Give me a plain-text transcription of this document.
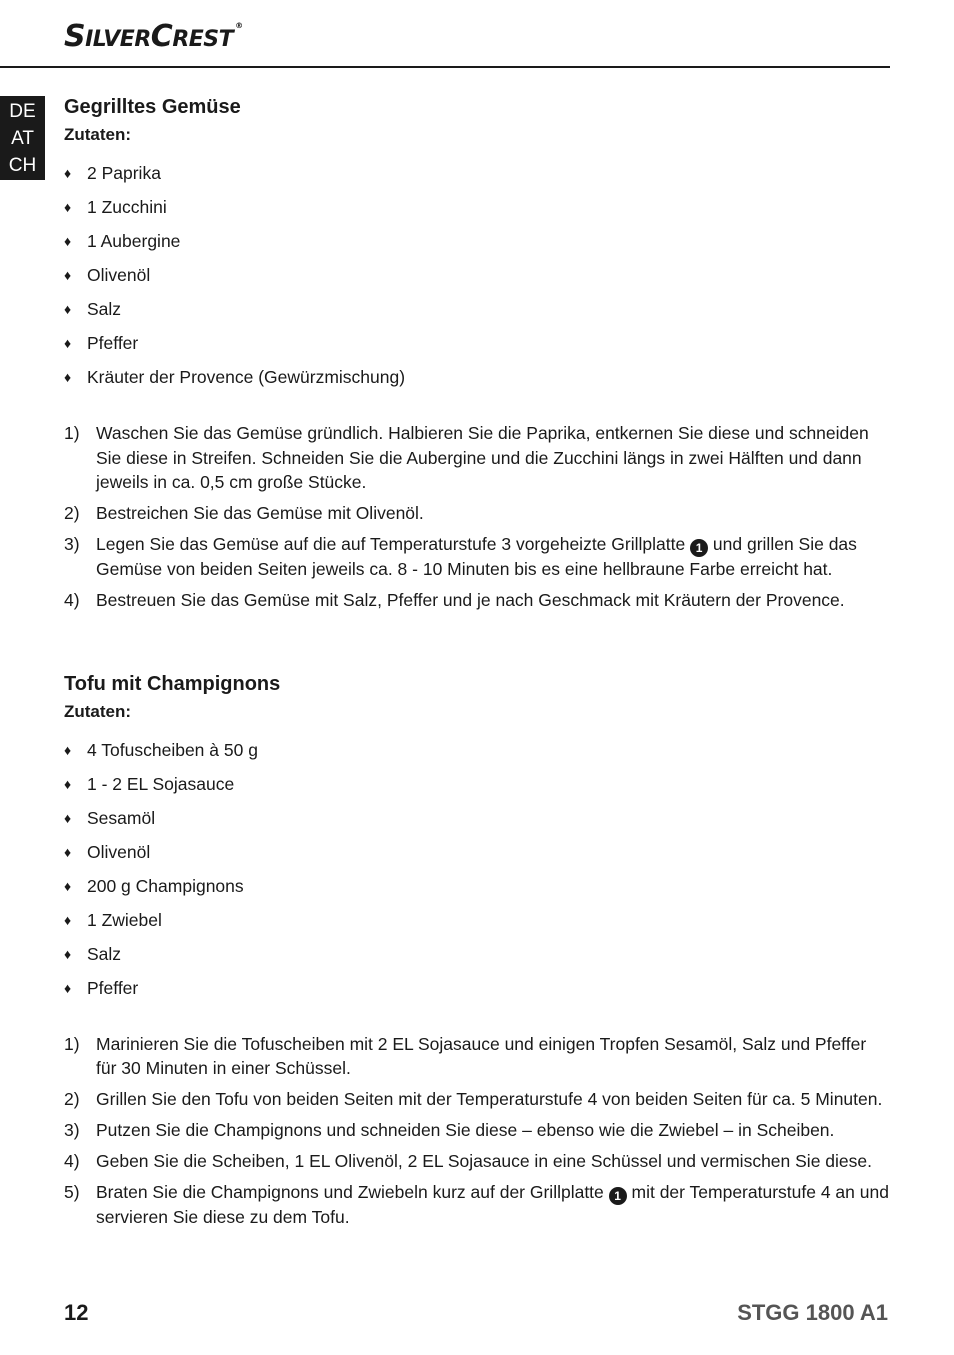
SILVERCREST®
DE
AT
CH
Gegrilltes Gemüse
Zutaten:
♦ 2 Paprika
♦ 1 Zucchini
♦ 1 Aubergine
♦ Olivenöl
♦ Salz
♦ Pfeffer
♦ Kräuter der Provence (Gewürzmischung)
1) Waschen Sie das Gemüse gründlich. Halbieren Sie die Paprika, entkernen Sie diese und schneiden Sie diese in Streifen. Schneiden Sie die Aubergine und die Zucchini längs in zwei Hälften und dann jeweils in ca. 0,5 cm große Stücke.
2) Bestreichen Sie das Gemüse mit Olivenöl.
3) Legen Sie das Gemüse auf die auf Temperaturstufe 3 vorgeheizte Grillplatte 1 und grillen Sie das Gemüse von beiden Seiten jeweils ca. 8 - 10 Minuten bis es eine hellbraune Farbe erreicht hat.
4) Bestreuen Sie das Gemüse mit Salz, Pfeffer und je nach Geschmack mit Kräutern der Provence.
Tofu mit Champignons
Zutaten:
♦ 4 Tofuscheiben à 50 g
♦ 1 - 2 EL Sojasauce
♦ Sesamöl
♦ Olivenöl
♦ 200 g Champignons
♦ 1 Zwiebel
♦ Salz
♦ Pfeffer
1) Marinieren Sie die Tofuscheiben mit 2 EL Sojasauce und einigen Tropfen Sesamöl, Salz und Pfeffer für 30 Minuten in einer Schüssel.
2) Grillen Sie den Tofu von beiden Seiten mit der Temperaturstufe 4 von beiden Seiten für ca. 5 Minuten.
3) Putzen Sie die Champignons und schneiden Sie diese – ebenso wie die Zwiebel – in Scheiben.
4) Geben Sie die Scheiben, 1 EL Olivenöl, 2 EL Sojasauce in eine Schüssel und vermischen Sie diese.
5) Braten Sie die Champignons und Zwiebeln kurz auf der Grillplatte 1 mit der Temperaturstufe 4 an und servieren Sie diese zu dem Tofu.
12	STGG 1800 A1
